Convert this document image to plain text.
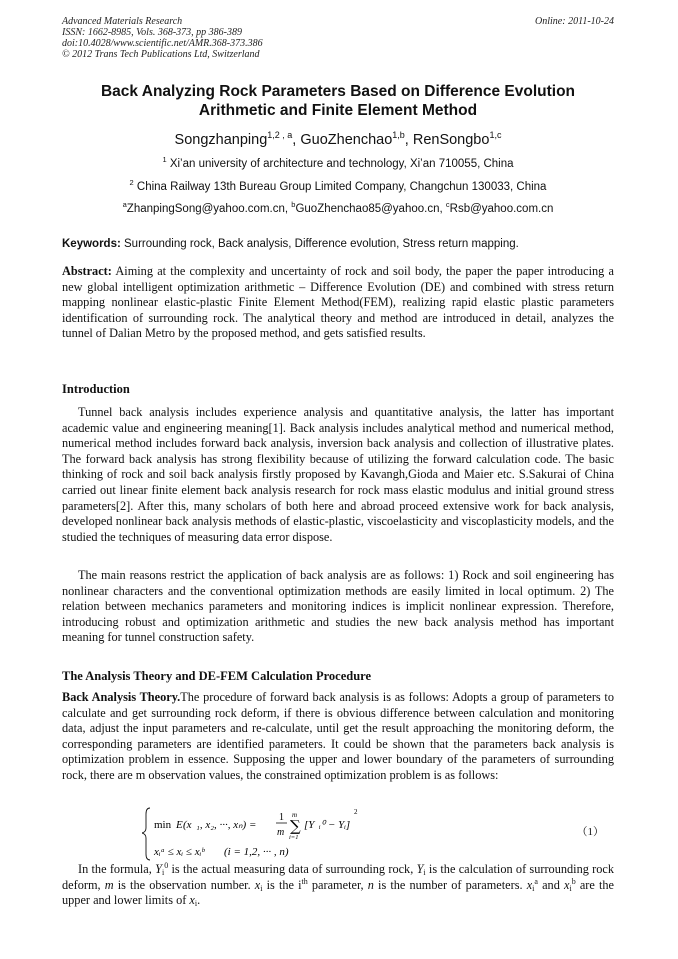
Advanced Materials Research
ISSN: 1662-8985, Vols. 368-373, pp 386-389
doi:10.4028/www.scientific.net/AMR.368-373.386
© 2012 Trans Tech Publications Ltd, Switzerland
Online: 2011-10-24
Back Analyzing Rock Parameters Based on Difference Evolution
Arithmetic and Finite Element Method
Songzhanping$^{1,2 , a}$, GuoZhenchao$^{1,b}$, RenSongbo$^{1,c}$
$^1$ Xi’an university of architecture and technology, Xi’an 710055, China
$^2$ China Railway 13th Bureau Group Limited Company, Changchun 130033, China
$^a$ZhanpingSong@yahoo.com.cn, $^b$GuoZhenchao85@yahoo.cn, $^c$Rsb@yahoo.com.cn
Keywords: Surrounding rock, Back analysis, Difference evolution, Stress return mapping.
Abstract: Aiming at the complexity and uncertainty of rock and soil body, the paper the paper introducing a new global intelligent optimization arithmetic – Difference Evolution (DE) and combined with stress return mapping nonlinear elastic-plastic Finite Element Method(FEM), realizing rapid elastic plastic parameters identification of surrounding rock. The analytical theory and method are introduced in detail, analyzes the tunnel of Dalian Metro by the proposed method, and gets satisfied results.
Introduction
Tunnel back analysis includes experience analysis and quantitative analysis, the latter has important academic value and engineering meaning[1]. Back analysis includes analytical method and numerical method, numerical method includes forward back analysis, inversion back analysis and collection of illustrative plates. The forward back analysis has strong flexibility because of utilizing the forward calculation code. The basic thinking of rock and soil back analysis firstly proposed by Kavangh,Gioda and Maier etc. S.Sakurai of China carried out linear finite element back analysis research for rock mass elastic modulus and initial ground stress parameters[2]. After this, many scholars of both here and abroad proceed extensive work for back analysis, developed nonlinear back analysis methods of elastic-plastic, viscoelasticity and viscoplasticity models, and the studied the techniques of measuring data error dispose.
The main reasons restrict the application of back analysis are as follows: 1) Rock and soil engineering has nonlinear characters and the conventional optimization methods are easily limited in local optimum. 2) The relation between mechanics parameters and monitoring indices is implicit nonlinear expression. Therefore, introducing robust and optimization arithmetic and studies the new back analysis method has important meaning for tunnel construction safety.
The Analysis Theory and DE-FEM Calculation Procedure
Back Analysis Theory.The procedure of forward back analysis is as follows: Adopts a group of parameters to calculate and get surrounding rock deform, if there is obvious difference between calculation and monitoring data, adjust the input parameters and re-calculate, until get the result approaching the monitoring deform, the corresponding parameters are identified parameters. It could be shown that the parameters back analysis is optimization problem in essence. Supposing the upper and lower boundary of the parameters of surrounding rock, there are m observation values, the constrained optimization problem is as follows:
min E (x ₁, x₂, ···, xₙ) =
1
m
m
∑
i=1
[Y ᵢ⁰ − Yᵢ]
2
xᵢᵃ ≤ xᵢ ≤ xᵢᵇ (i = 1,2, ··· , n)
（1）
In the formula, $Y_i^0$ is the actual measuring data of surrounding rock, $Y_i$ is the calculation of surrounding rock deform, m is the observation number. $x_i$ is the $i^{th}$ parameter, n is the number of parameters. $x_i^a$ and $x_i^b$ are the upper and lower limits of $x_i$.
